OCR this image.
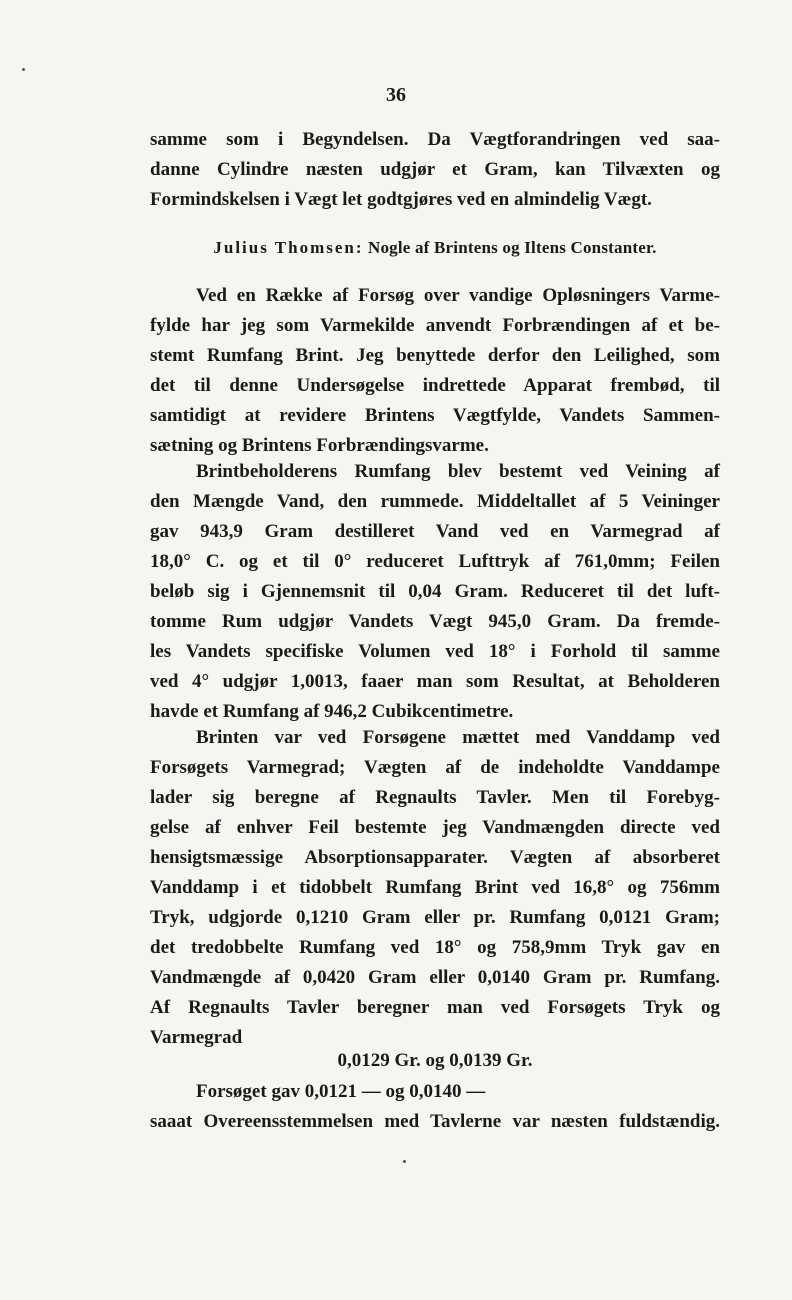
36
samme som i Begyndelsen. Da Vægtforandringen ved saa-
danne Cylindre næsten udgjør et Gram, kan Tilvæxten og
Formindskelsen i Vægt let godtgjøres ved en almindelig Vægt.
Julius Thomsen: Nogle af Brintens og Iltens Constanter.
Ved en Række af Forsøg over vandige Opløsningers Varme-
fylde har jeg som Varmekilde anvendt Forbrændingen af et be-
stemt Rumfang Brint. Jeg benyttede derfor den Leilighed, som
det til denne Undersøgelse indrettede Apparat frembød, til
samtidigt at revidere Brintens Vægtfylde, Vandets Sammen-
sætning og Brintens Forbrændingsvarme.
Brintbeholderens Rumfang blev bestemt ved Veining af
den Mængde Vand, den rummede. Middeltallet af 5 Veininger
gav 943,9 Gram destilleret Vand ved en Varmegrad af
18,0° C. og et til 0° reduceret Lufttryk af 761,0mm; Feilen
beløb sig i Gjennemsnit til 0,04 Gram. Reduceret til det luft-
tomme Rum udgjør Vandets Vægt 945,0 Gram. Da fremde-
les Vandets specifiske Volumen ved 18° i Forhold til samme
ved 4° udgjør 1,0013, faaer man som Resultat, at Beholderen
havde et Rumfang af 946,2 Cubikcentimetre.
Brinten var ved Forsøgene mættet med Vanddamp ved
Forsøgets Varmegrad; Vægten af de indeholdte Vanddampe
lader sig beregne af Regnaults Tavler. Men til Forebyg-
gelse af enhver Feil bestemte jeg Vandmængden directe ved
hensigtsmæssige Absorptionsapparater. Vægten af absorberet
Vanddamp i et tidobbelt Rumfang Brint ved 16,8° og 756mm
Tryk, udgjorde 0,1210 Gram eller pr. Rumfang 0,0121 Gram;
det tredobbelte Rumfang ved 18° og 758,9mm Tryk gav en
Vandmængde af 0,0420 Gram eller 0,0140 Gram pr. Rumfang.
Af Regnaults Tavler beregner man ved Forsøgets Tryk og
Varmegrad
0,0129 Gr. og 0,0139 Gr.
Forsøget gav 0,0121 — og 0,0140 —
saaat Overeensstemmelsen med Tavlerne var næsten fuldstændig.
